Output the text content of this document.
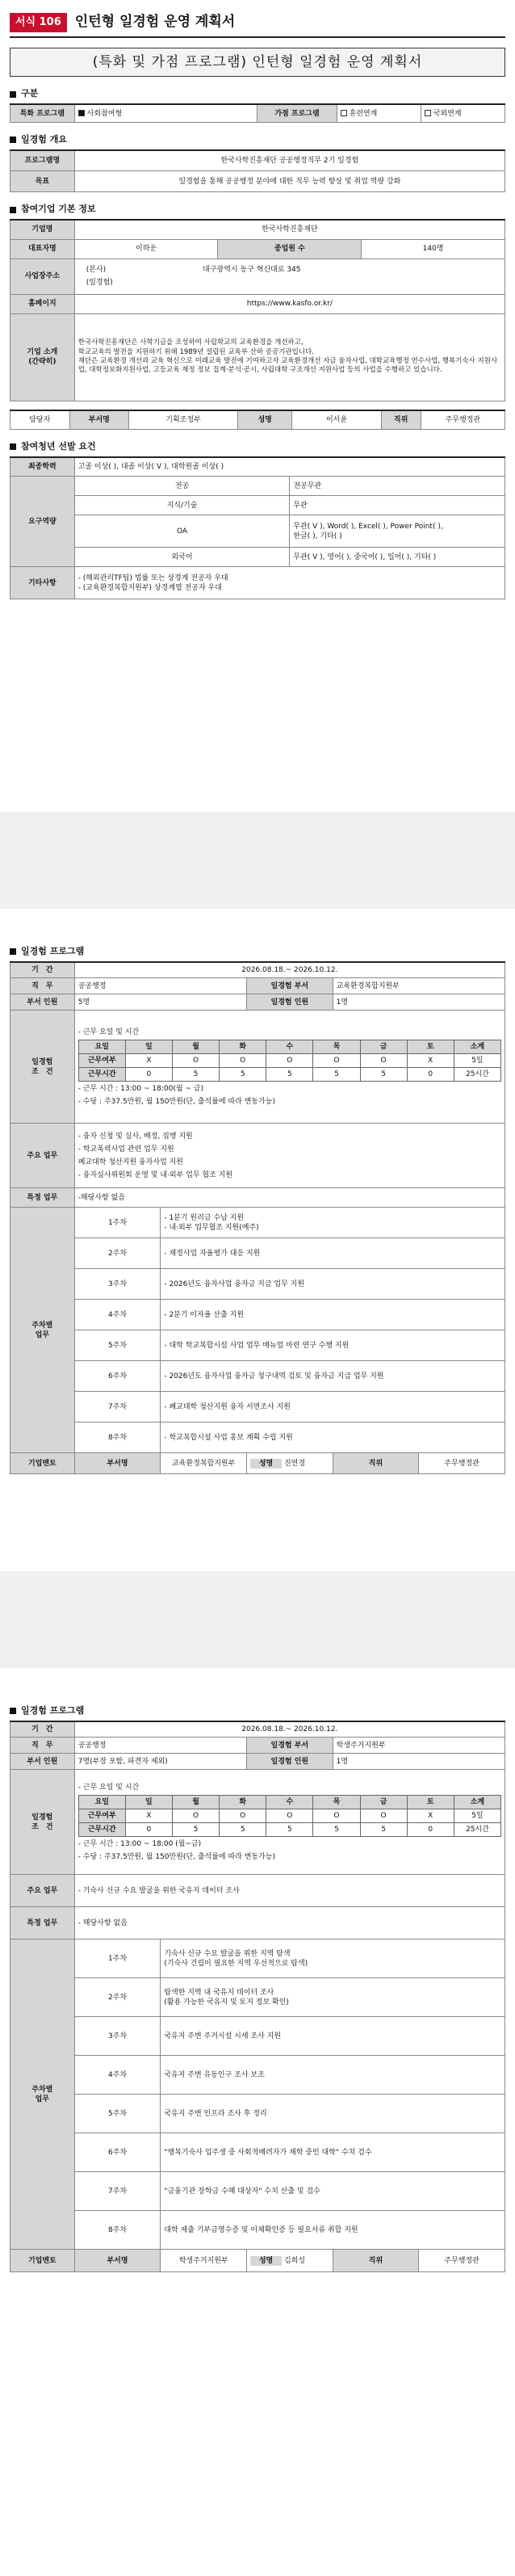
서식 106	인턴형 일경험 운영 계획서
(특화 및 가점 프로그램) 인턴형 일경험 운영 계획서
구분
특화 프로그램	사회참여형	가점 프로그램	훈련연계	국외연계
일경험 개요
프로그램명	한국사학진흥재단 공공행정직무 2기 일경험
목표	일경험을 통해 공공행정 분야에 대한 직무 능력 향상 및 취업 역량 강화
참여기업 기본 정보
기업명	한국사학진흥재단		
대표자명	이하운	종업원 수	140명
사업장주소	(본사) 대구광역시 동구 혁신대로 345
(일경험)		

홈페이지	https://www.kasfo.or.kr/		
기업 소개
(간략히)	한국사학진흥재단은 사학기금을 조성하여 사립학교의 교육환경을 개선하고,
학교교육의 발전을 지원하기 위해 1989년 설립된 교육부 산하 공공기관입니다.
재단은 교육환경 개선과 교육 혁신으로 미래교육 발전에 기여하고자 교육환경개선 자금 융자사업, 대학교육행정 연수사업, 행복기숙사 지원사업, 대학정보화지원사업, 고등교육 재정 정보 집계·분석·공시, 사립대학 구조개선 지원사업 등의 사업을 수행하고 있습니다.		
담당자	부서명	기획조정부	성명	이서윤	직위	주무행정관
참여청년 선발 요건
최종학력	고졸 이상( ), 대졸 이상( V ), 대학원졸 이상( )	
요구역량	전공	전공무관
	지식/기술	무관
	OA	무관( V ), Word( ), Excel( ), Power Point( ),
한글( ), 기타( )

	외국어	무관( V ), 영어( ), 중국어( ), 일어( ), 기타( )
기타사항	- (해외관리TF팀) 법률 또는 상경계 전공자 우대
- (교육환경복합지원부) 상경계열 전공자 우대	
일경험 프로그램
기　간	2026.08.18.~ 2026.10.12.
직　무	공공행정	일경험 부서	교육환경복합지원부
부서 인원	5명	일경험 인원	1명
일경험
조　건	
- 근무 요일 및 시간
요일	일	월	화	수	목	금	토	소계
근무여부	X	O	O	O	O	O	X	5일
근무시간	0	5	5	5	5	5	0	25시간
- 근무 시간 : 13:00 ~ 18:00(월 ~ 금)
- 수당 : 주37.5만원, 월 150만원(단, 출석률에 따라 변동가능)

주요 업무	
- 융자 신청 및 실사, 배정, 집행 지원
- 학교폭력사업 관련 업무 지원
폐교대학 청산지원 융자사업 지원
- 융자심사위원회 운영 및 내·외부 업무 협조 지원

특정 업무	-해당사항 없음
주차별
업무	1주차	- 1분기 원리금 수납 지원
- 내·외부 업무협조 지원(예주)
2주차	- 재정사업 자율평가 대응 지원
3주차	- 2026년도 융자사업 융자금 지급 업무 지원
4주차	- 2분기 이자율 산출 지원
5주차	- 대학 학교복합시설 사업 업무 매뉴얼 마련 연구 수행 지원
6주차	- 2026년도 융자사업 융자금 청구내역 검토 및 융자금 지급 업무 지원
7주차	- 폐교대학 청산지원 융자 서면조사 지원
8주차	- 학교복합시설 사업 홍보 계획 수립 지원
기업멘토	부서명	교육환경복합지원부	성명 진연경	직위	주무행정관
일경험 프로그램
기　간	2026.08.18.~ 2026.10.12.
직　무	공공행정	일경험 부서	학생주거지원부
부서 인원	7명(부장 포함, 파견자 제외)	일경험 인원	1명
일경험
조　건	
- 근무 요일 및 시간
요일	일	월	화	수	목	금	토	소계
근무여부	X	O	O	O	O	O	X	5일
근무시간	0	5	5	5	5	5	0	25시간
- 근무 시간 : 13:00 ~ 18:00 (월~금)
- 수당 : 주37.5만원, 월 150만원(단, 출석률에 따라 변동가능)

주요 업무	- 기숙사 신규 수요 발굴을 위한 국유지 데이터 조사
특정 업무	- 해당사항 없음
주차별
업무	1주차	기숙사 신규 수요 발굴을 위한 지역 탐색
(기숙사 건립이 필요한 지역 우선적으로 탐색)
2주차	탐색한 지역 내 국유지 데이터 조사
(활용 가능한 국유지 및 토지 정보 확인)
3주차	국유지 주변 주거시설 시세 조사 지원
4주차	국유지 주변 유동인구 조사 보조
5주차	국유지 주변 인프라 조사 후 정리
6주차	"행복기숙사 입주생 중 사회적배려자가 재학 중인 대학" 수치 검수
7주차	"금융기관 장학금 수혜 대상자" 수치 산출 및 검수
8주차	대학 제출 기부금영수증 및 이체확인증 등 필요서류 취합 지원
기업멘토	부서명	학생주거지원부	성명 김희성	직위	주무행정관
